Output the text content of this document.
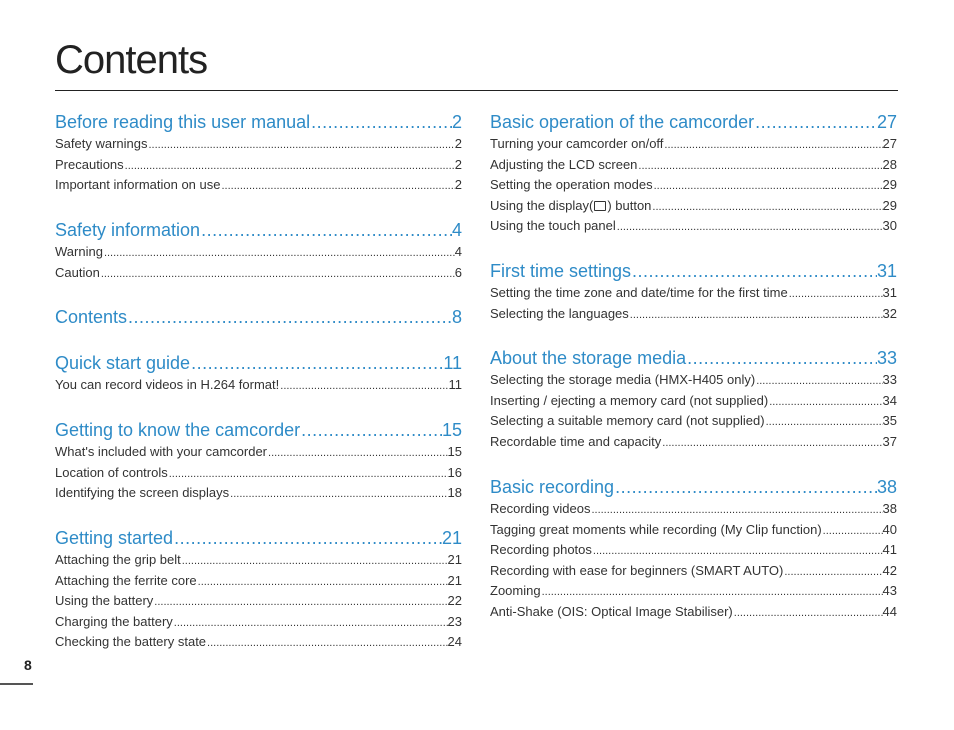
Contents
Before reading this user manual .....	2
Safety warnings .....	2
Precautions .....	2
Important information on use .....	2
Safety information .....	4
Warning .....	4
Caution .....	6
Contents .....	8
Quick start guide .....	11
You can record videos in H.264 format! .....	11
Getting to know the camcorder .....	15
What's included with your camcorder .....	15
Location of controls .....	16
Identifying the screen displays .....	18
Getting started .....	21
Attaching the grip belt .....	21
Attaching the ferrite core .....	21
Using the battery .....	22
Charging the battery .....	23
Checking the battery state .....	24
Basic operation of the camcorder .....	27
Turning your camcorder on/off .....	27
Adjusting the LCD screen .....	28
Setting the operation modes .....	29
Using the display( ) button .....	29
Using the touch panel .....	30
First time settings .....	31
Setting the time zone and date/time for the first time .....	31
Selecting the languages .....	32
About the storage media .....	33
Selecting the storage media (HMX-H405 only) .....	33
Inserting / ejecting a memory card (not supplied) .....	34
Selecting a suitable memory card (not supplied) .....	35
Recordable time and capacity .....	37
Basic recording .....	38
Recording videos .....	38
Tagging great moments while recording (My Clip function) .....	40
Recording photos .....	41
Recording with ease for beginners (SMART AUTO) .....	42
Zooming .....	43
Anti-Shake (OIS: Optical Image Stabiliser) .....	44
8
